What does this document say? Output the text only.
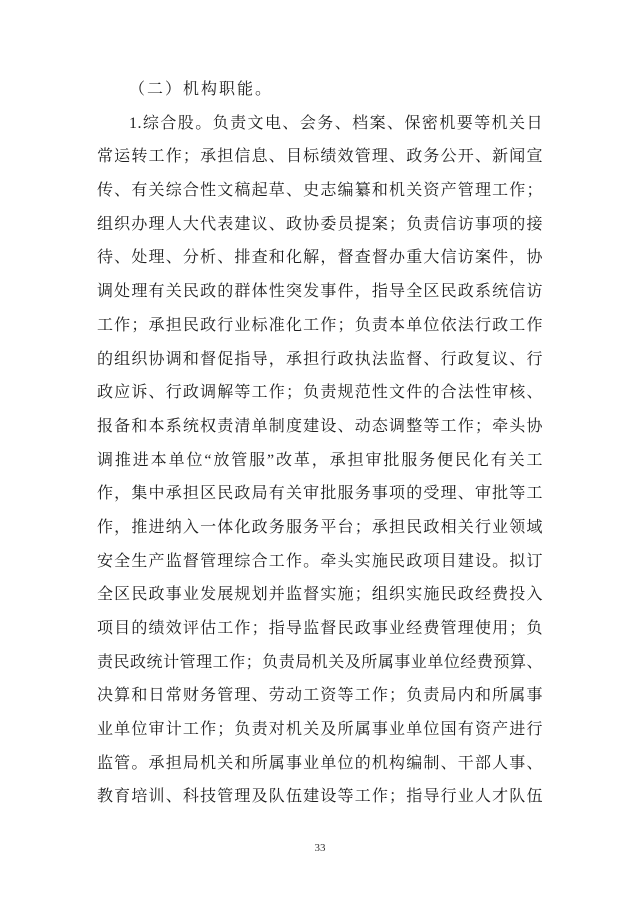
（二）机构职能。
1.综合股。负责文电、会务、档案、保密机要等机关日
常运转工作；承担信息、目标绩效管理、政务公开、新闻宣
传、有关综合性文稿起草、史志编纂和机关资产管理工作；
组织办理人大代表建议、政协委员提案；负责信访事项的接
待、处理、分析、排查和化解，督查督办重大信访案件，协
调处理有关民政的群体性突发事件，指导全区民政系统信访
工作；承担民政行业标准化工作；负责本单位依法行政工作
的组织协调和督促指导，承担行政执法监督、行政复议、行
政应诉、行政调解等工作；负责规范性文件的合法性审核、
报备和本系统权责清单制度建设、动态调整等工作；牵头协
调推进本单位“放管服”改革，承担审批服务便民化有关工
作，集中承担区民政局有关审批服务事项的受理、审批等工
作，推进纳入一体化政务服务平台；承担民政相关行业领域
安全生产监督管理综合工作。牵头实施民政项目建设。拟订
全区民政事业发展规划并监督实施；组织实施民政经费投入
项目的绩效评估工作；指导监督民政事业经费管理使用；负
责民政统计管理工作；负责局机关及所属事业单位经费预算、
决算和日常财务管理、劳动工资等工作；负责局内和所属事
业单位审计工作；负责对机关及所属事业单位国有资产进行
监管。承担局机关和所属事业单位的机构编制、干部人事、
教育培训、科技管理及队伍建设等工作；指导行业人才队伍
33
